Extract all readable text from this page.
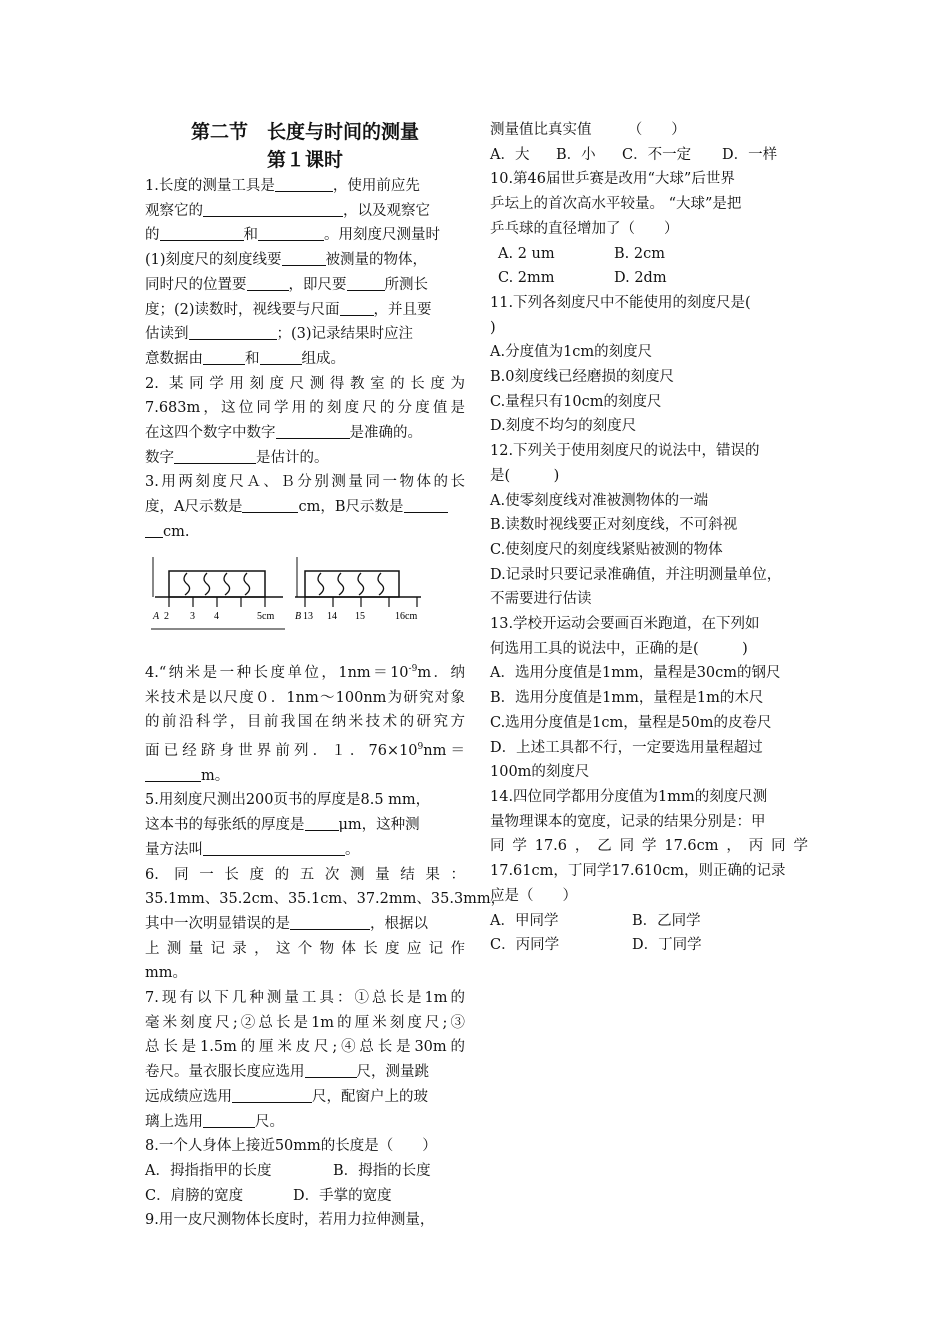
第二节　长度与时间的测量
第１课时
1.长度的测量工具是	，使用前应先
观察它的	，以及观察它
的	和	。用刻度尺测量时
(1)刻度尺的刻度线要	被测量的物体，
同时尺的位置要	，即尺要	所测长
度；(2)读数时，视线要与尺面 ，并且要
估读到	；(3)记录结果时应注
意数据由	和	组成。
2. 某同学用刻度尺测得教室的长度为
7.683m，这位同学用的刻度尺的分度值是
在这四个数字中数字	是准确的。
数字	是估计的。
3.用两刻度尺Ａ、Ｂ分别测量同一物体的长
度，A尺示数是	cm，B尺示数是
cm.
A 2 3 4	5cm B 13 14 15	16cm
4.“纳米是一种长度单位，$1nm=10^{-9}m$．纳
米技术是以尺度０．1nm～100nm为研究对象
的前沿科学，目前我国在纳米技术的研究方
面已经跻身世界前列．１．$76\times 10^9nm=$
m。
5.用刻度尺测出200页书的厚度是8.5 mm，
这本书的每张纸的厚度是 μm，这种测
量方法叫	。
6. 同一长度的五次测量结果：
35.1mm、35.2cm、35.1cm、37.2mm、35.3mm，
其中一次明显错误的是	，根据以
上测量记录，这个物体长度应记作
mm。
7.现有以下几种测量工具：①总长是1m的
毫米刻度尺;②总长是1m的厘米刻度尺;③
总长是1.5m的厘米皮尺;④总长是30m的
卷尺。量衣服长度应选用	尺，测量跳
远成绩应选用	尺，配窗户上的玻
璃上选用	尺。
8.一个人身体上接近50mm的长度是（　　）
A．拇指指甲的长度	B．拇指的长度
C．肩膀的宽度	D．手掌的宽度
9.用一皮尺测物体长度时，若用力拉伸测量，
测量值比真实值　　　（　　）
A．大 B．小 C．不一定 D．一样
10.第46届世乒赛是改用“大球”后世界
乒坛上的首次高水平较量。 “大球”是把
乒乓球的直径增加了（　　）
A. 2 um	B. 2cm
C. 2mm	D. 2dm
11.下列各刻度尺中不能使用的刻度尺是(
)
A.分度值为1cm的刻度尺
B.0刻度线已经磨损的刻度尺
C.量程只有10cm的刻度尺
D.刻度不均匀的刻度尺
12.下列关于使用刻度尺的说法中，错误的
是(　　　)
A.使零刻度线对准被测物体的一端
B.读数时视线要正对刻度线，不可斜视
C.使刻度尺的刻度线紧贴被测的物体
D.记录时只要记录准确值，并注明测量单位，
不需要进行估读
13.学校开运动会要画百米跑道，在下列如
何选用工具的说法中，正确的是(　　　)
A．选用分度值是1mm，量程是30cm的钢尺
B．选用分度值是1mm，量程是1m的木尺
C.选用分度值是1cm，量程是50m的皮卷尺
D．上述工具都不行，一定要选用量程超过
100m的刻度尺
14.四位同学都用分度值为1mm的刻度尺测
量物理课本的宽度，记录的结果分别是：甲
同学17.6，乙同学17.6cm，丙同学
17.61cm，丁同学17.610cm，则正确的记录
应是（　　）
A．甲同学	B．乙同学
C．丙同学	D．丁同学
